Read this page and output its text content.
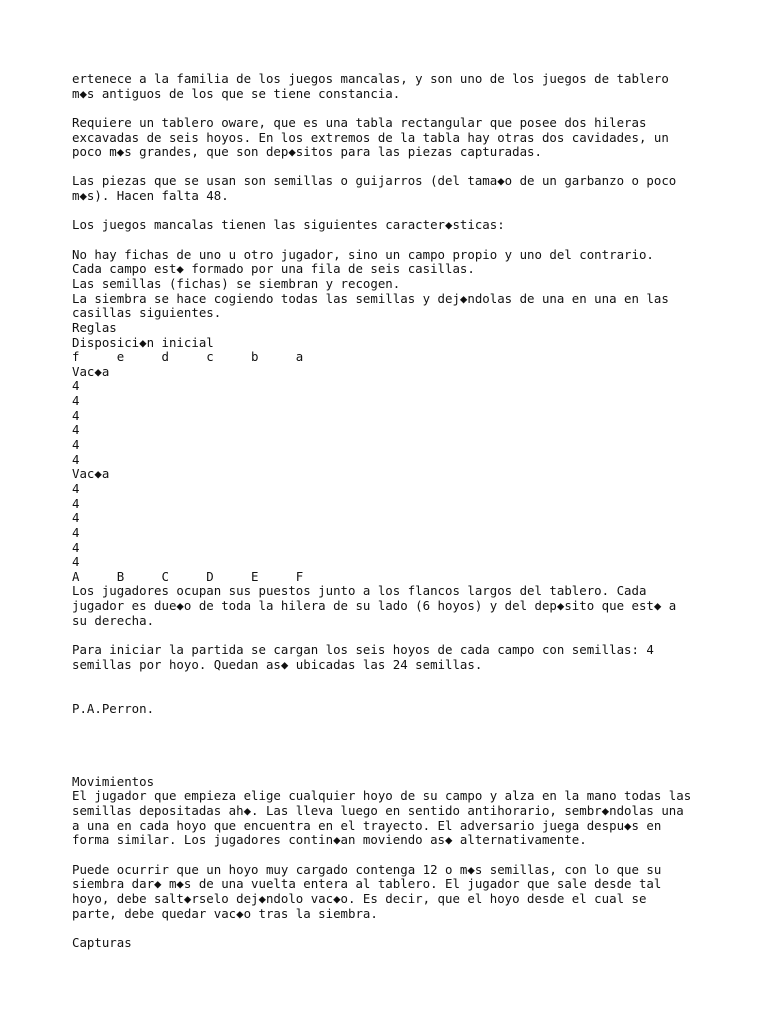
ertenece a la familia de los juegos mancalas, y son uno de los juegos de tablero
m◆s antiguos de los que se tiene constancia.
Requiere un tablero oware, que es una tabla rectangular que posee dos hileras
excavadas de seis hoyos. En los extremos de la tabla hay otras dos cavidades, un
poco m◆s grandes, que son dep◆sitos para las piezas capturadas.
Las piezas que se usan son semillas o guijarros (del tama◆o de un garbanzo o poco
m◆s). Hacen falta 48.
Los juegos mancalas tienen las siguientes caracter◆sticas:
No hay fichas de uno u otro jugador, sino un campo propio y uno del contrario.
Cada campo est◆ formado por una fila de seis casillas.
Las semillas (fichas) se siembran y recogen.
La siembra se hace cogiendo todas las semillas y dej◆ndolas de una en una en las
casillas siguientes.
Reglas
Disposici◆n inicial
f     e     d     c     b     a
Vac◆a
4
4
4
4
4
4
Vac◆a
4
4
4
4
4
4
A     B     C     D     E     F
Los jugadores ocupan sus puestos junto a los flancos largos del tablero. Cada
jugador es due◆o de toda la hilera de su lado (6 hoyos) y del dep◆sito que est◆ a
su derecha.
Para iniciar la partida se cargan los seis hoyos de cada campo con semillas: 4
semillas por hoyo. Quedan as◆ ubicadas las 24 semillas.
P.A.Perron.
Movimientos
El jugador que empieza elige cualquier hoyo de su campo y alza en la mano todas las
semillas depositadas ah◆. Las lleva luego en sentido antihorario, sembr◆ndolas una
a una en cada hoyo que encuentra en el trayecto. El adversario juega despu◆s en
forma similar. Los jugadores contin◆an moviendo as◆ alternativamente.
Puede ocurrir que un hoyo muy cargado contenga 12 o m◆s semillas, con lo que su
siembra dar◆ m◆s de una vuelta entera al tablero. El jugador que sale desde tal
hoyo, debe salt◆rselo dej◆ndolo vac◆o. Es decir, que el hoyo desde el cual se
parte, debe quedar vac◆o tras la siembra.
Capturas
